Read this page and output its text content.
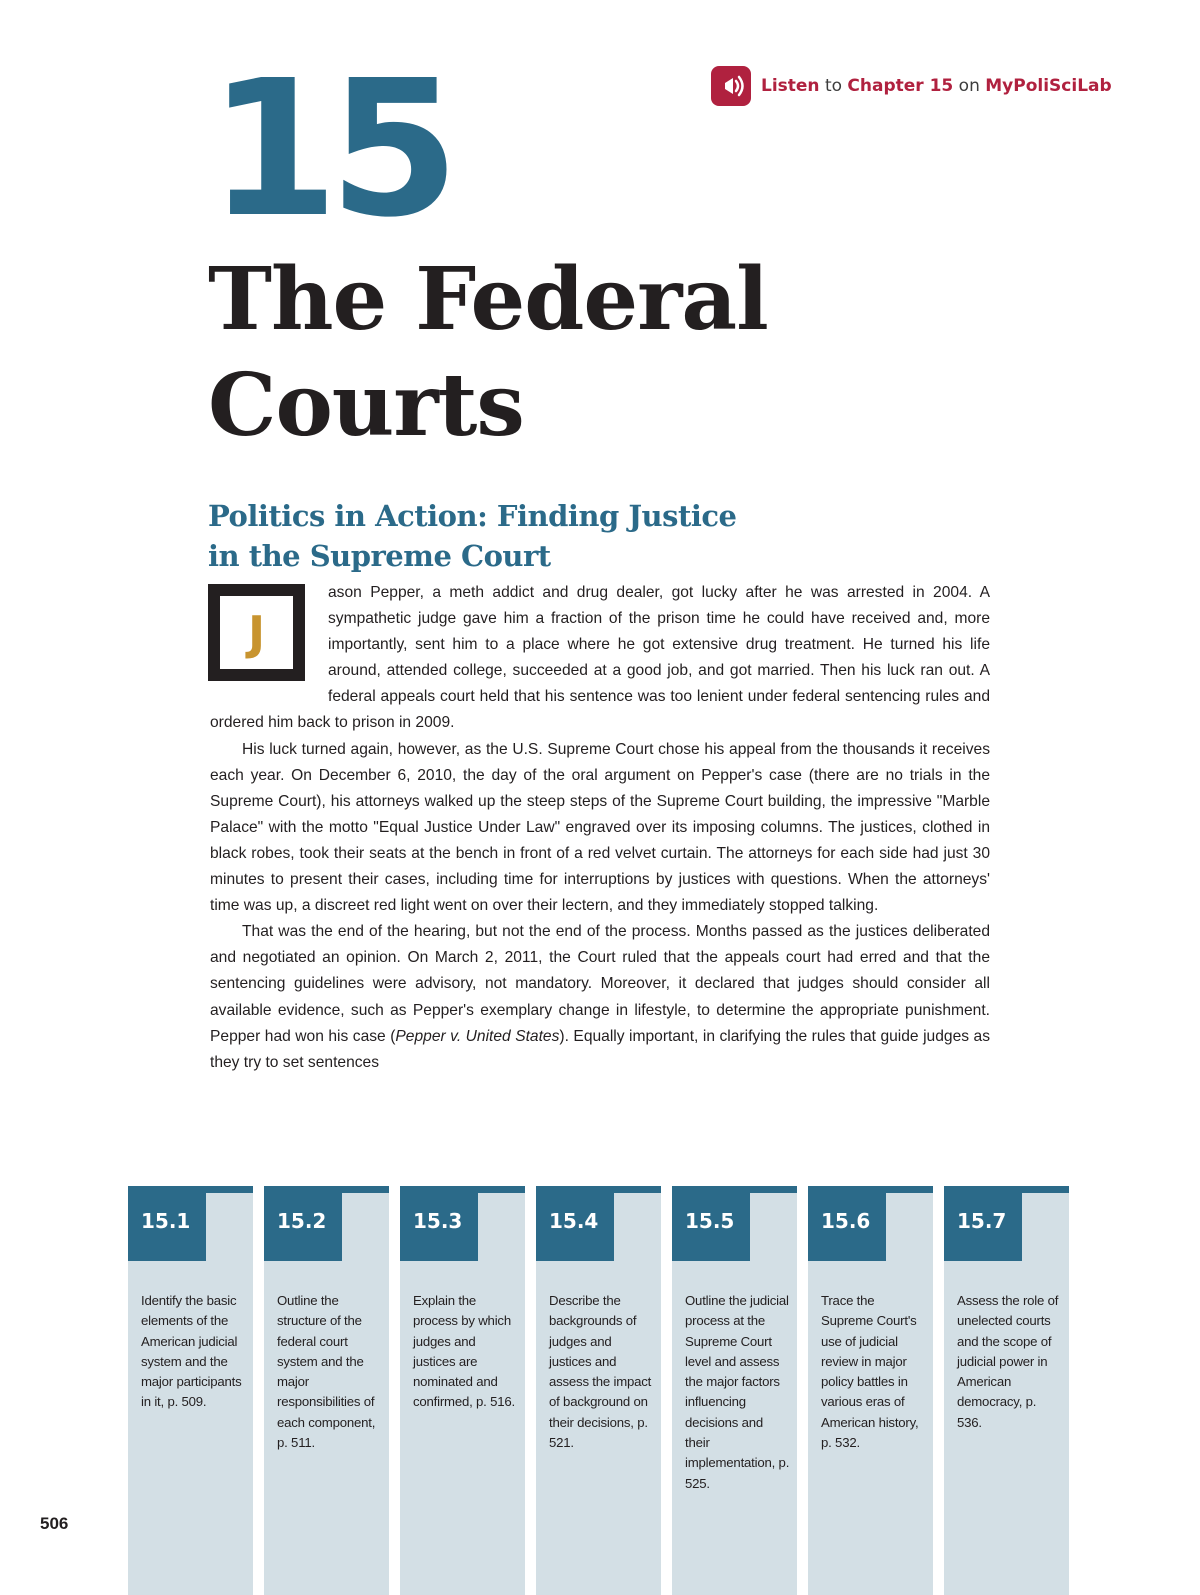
15	Listen to Chapter 15 on MyPoliSciLab
The Federal
Courts
Politics in Action: Finding Justice
in the Supreme Court
J

ason Pepper, a meth addict and drug dealer, got lucky after he was arrested in 2004. A sympathetic judge gave him a fraction of the prison time he could have received and, more importantly, sent him to a place where he got extensive drug treatment. He turned his life around, attended college, succeeded at a good job, and got married. Then his luck ran out. A federal appeals court held that his sentence was too lenient under federal sentencing rules and ordered him back to prison in 2009.

His luck turned again, however, as the U.S. Supreme Court chose his appeal from the thousands it receives each year. On December 6, 2010, the day of the oral argument on Pepper's case (there are no trials in the Supreme Court), his attorneys walked up the steep steps of the Supreme Court building, the impressive "Marble Palace" with the motto "Equal Justice Under Law" engraved over its imposing columns. The justices, clothed in black robes, took their seats at the bench in front of a red velvet curtain. The attorneys for each side had just 30 minutes to present their cases, including time for interruptions by justices with questions. When the attorneys' time was up, a discreet red light went on over their lectern, and they immediately stopped talking.

That was the end of the hearing, but not the end of the process. Months passed as the justices deliberated and negotiated an opinion. On March 2, 2011, the Court ruled that the appeals court had erred and that the sentencing guidelines were advisory, not mandatory. Moreover, it declared that judges should consider all available evidence, such as Pepper's exemplary change in lifestyle, to determine the appropriate punishment. Pepper had won his case (Pepper v. United States). Equally important, in clarifying the rules that guide judges as they try to set sentences

15.1
Identify the basic elements of the American judicial system and the major participants in it, p. 509.
15.2
Outline the structure of the federal court system and the major responsibilities of each component, p. 511.
15.3
Explain the process by which judges and justices are nominated and confirmed, p. 516.
15.4
Describe the backgrounds of judges and justices and assess the impact of background on their decisions, p. 521.
15.5
Outline the judicial process at the Supreme Court level and assess the major factors influencing decisions and their implementation, p. 525.
15.6
Trace the Supreme Court's use of judicial review in major policy battles in various eras of American history, p. 532.
15.7
Assess the role of unelected courts and the scope of judicial power in American democracy, p. 536.
506
